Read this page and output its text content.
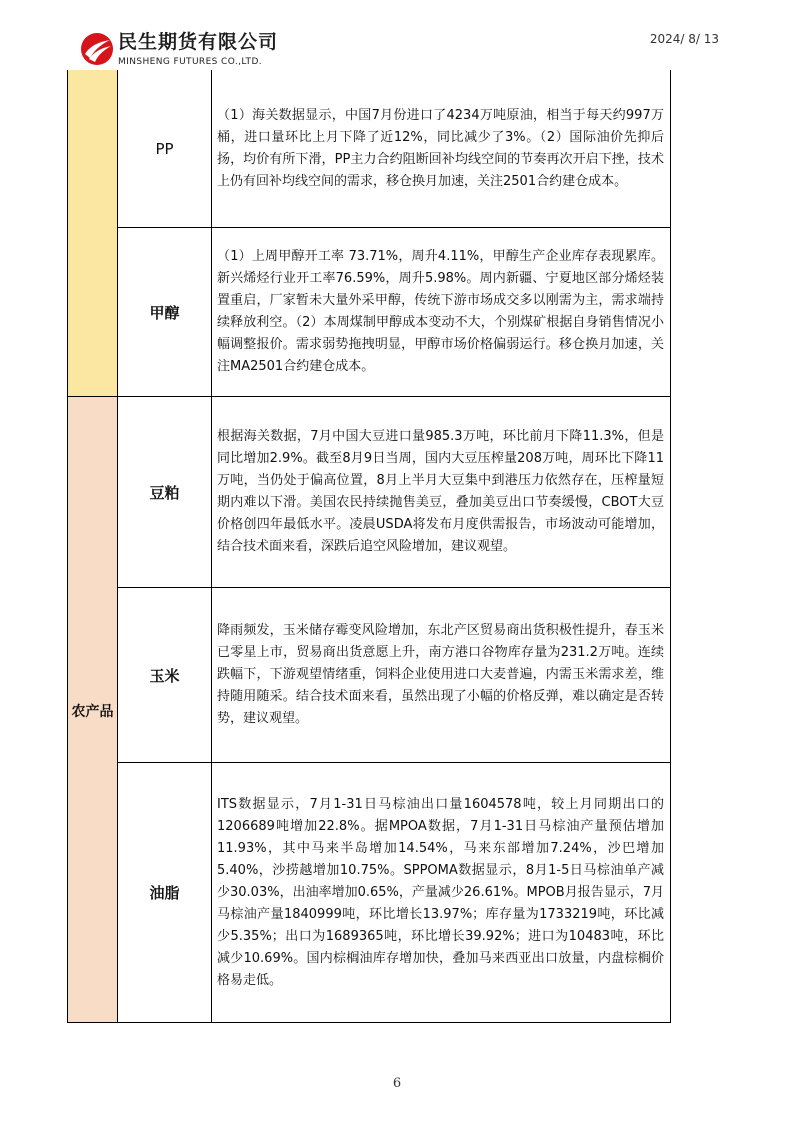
民生期货有限公司
MINSHENG FUTURES CO.,LTD.
2024/ 8/ 13
农产品
PP
（1）海关数据显示，中国7月份进口了4234万吨原油，相当于每天约997万桶，进口量环比上月下降了近12%，同比减少了3%。（2）国际油价先抑后扬，均价有所下滑，PP主力合约阻断回补均线空间的节奏再次开启下挫，技术上仍有回补均线空间的需求，移仓换月加速，关注2501合约建仓成本。
甲醇
（1）上周甲醇开工率 73.71%，周升4.11%，甲醇生产企业库存表现累库。新兴烯烃行业开工率76.59%，周升5.98%。周内新疆、宁夏地区部分烯烃装置重启，厂家暂未大量外采甲醇，传统下游市场成交多以刚需为主，需求端持续释放利空。（2）本周煤制甲醇成本变动不大，个别煤矿根据自身销售情况小幅调整报价。需求弱势拖拽明显，甲醇市场价格偏弱运行。移仓换月加速，关注MA2501合约建仓成本。
豆粕
根据海关数据，7月中国大豆进口量985.3万吨，环比前月下降11.3%，但是同比增加2.9%。截至8月9日当周，国内大豆压榨量208万吨，周环比下降11万吨，当仍处于偏高位置，8月上半月大豆集中到港压力依然存在，压榨量短期内难以下滑。美国农民持续抛售美豆，叠加美豆出口节奏缓慢，CBOT大豆价格创四年最低水平。凌晨USDA将发布月度供需报告，市场波动可能增加，结合技术面来看，深跌后追空风险增加，建议观望。
玉米
降雨频发，玉米储存霉变风险增加，东北产区贸易商出货积极性提升，春玉米已零星上市，贸易商出货意愿上升，南方港口谷物库存量为231.2万吨。连续跌幅下，下游观望情绪重，饲料企业使用进口大麦普遍，内需玉米需求差，维持随用随采。结合技术面来看，虽然出现了小幅的价格反弹，难以确定是否转势，建议观望。
油脂
ITS数据显示，7月1-31日马棕油出口量1604578吨，较上月同期出口的1206689吨增加22.8%。据MPOA数据，7月1-31日马棕油产量预估增加11.93%，其中马来半岛增加14.54%，马来东部增加7.24%，沙巴增加5.40%，沙捞越增加10.75%。SPPOMA数据显示，8月1-5日马棕油单产减少30.03%，出油率增加0.65%，产量减少26.61%。MPOB月报告显示，7月马棕油产量1840999吨，环比增长13.97%；库存量为1733219吨，环比减少5.35%；出口为1689365吨，环比增长39.92%；进口为10483吨，环比减少10.69%。国内棕榈油库存增加快，叠加马来西亚出口放量，内盘棕榈价格易走低。
6
